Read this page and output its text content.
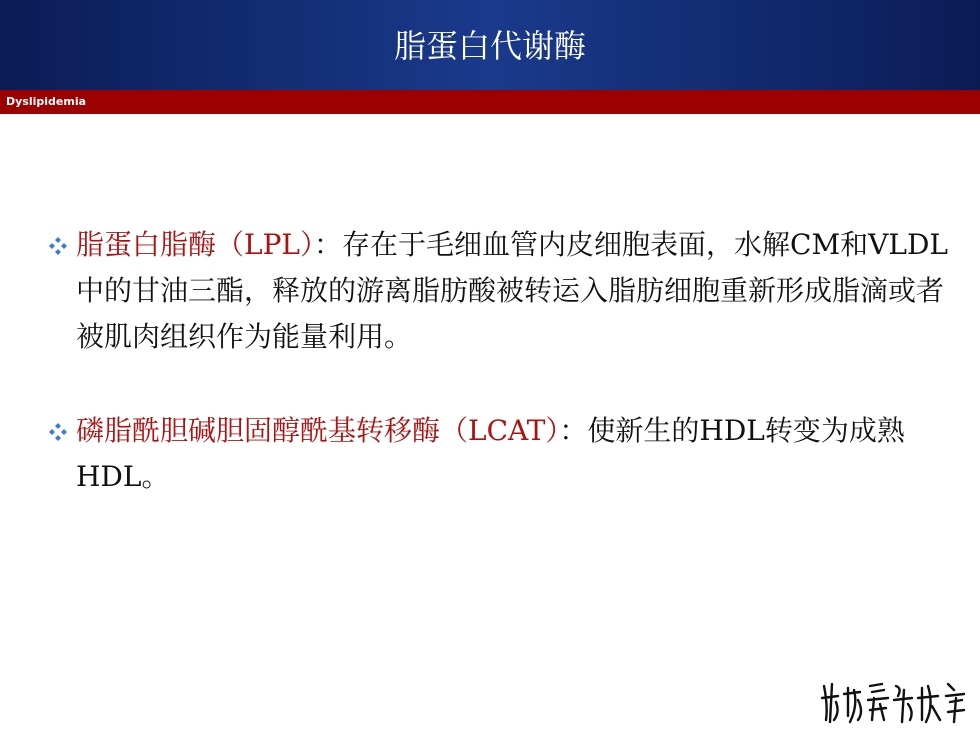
脂蛋白代谢酶
Dyslipidemia
脂蛋白脂酶（LPL）：存在于毛细血管内皮细胞表面，水解CM和VLDL中的甘油三酯，释放的游离脂肪酸被转运入脂肪细胞重新形成脂滴或者被肌肉组织作为能量利用。
磷脂酰胆碱胆固醇酰基转移酶（LCAT）：使新生的HDL转变为成熟HDL。
